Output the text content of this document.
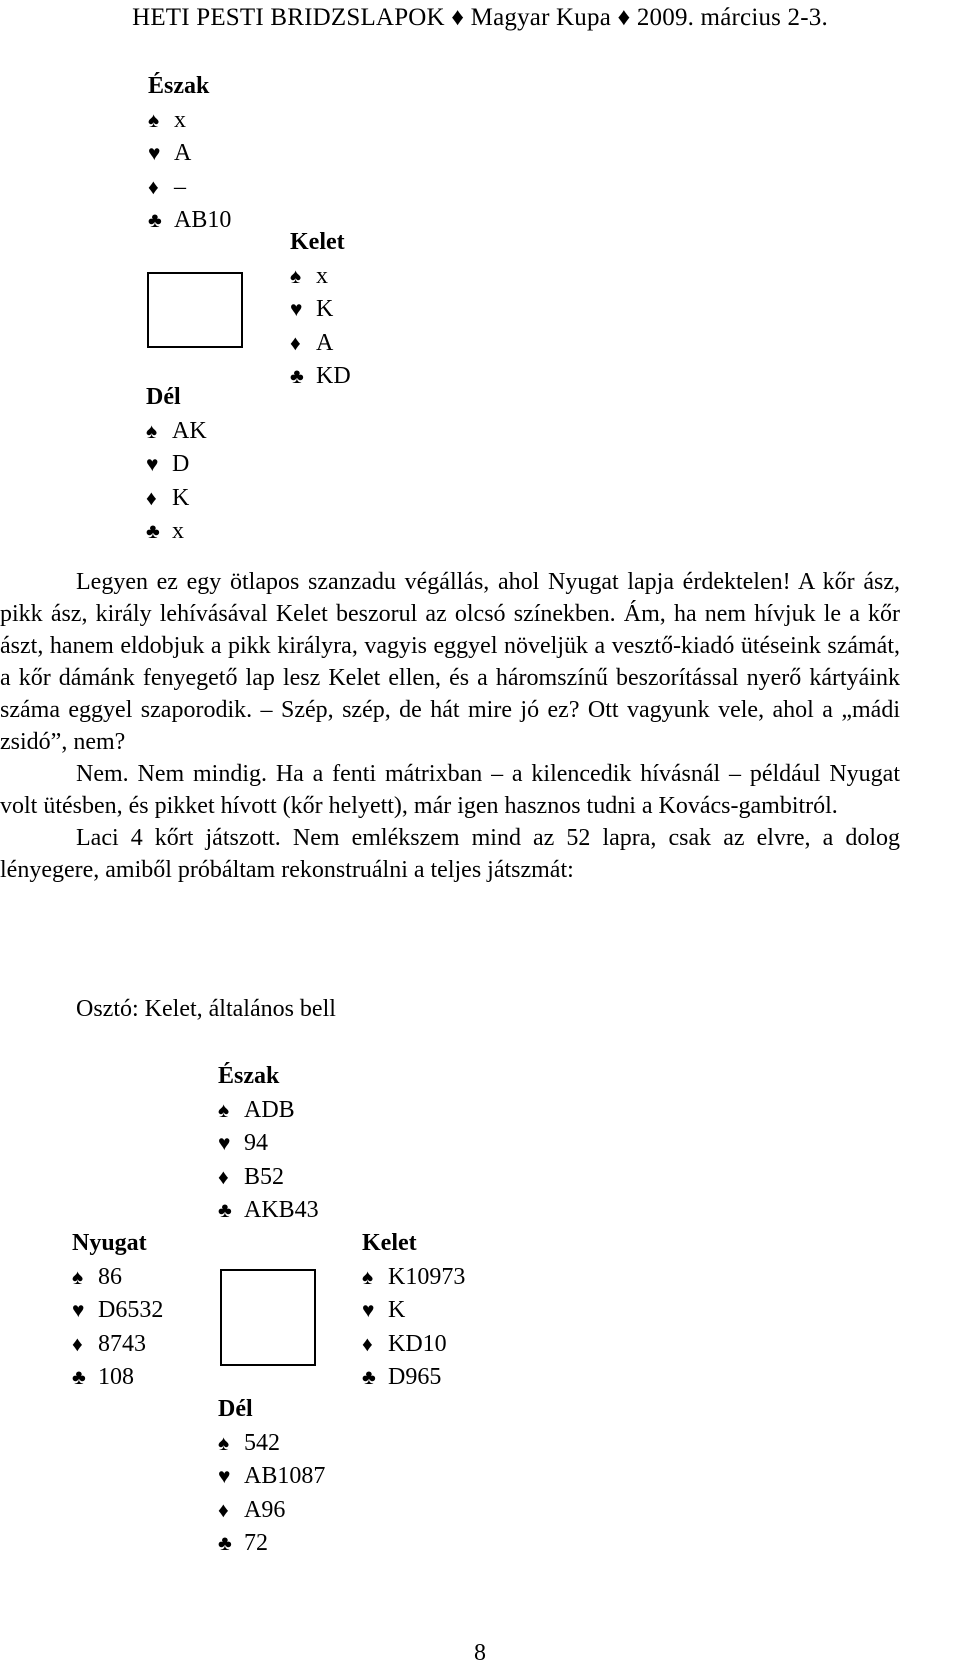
HETI PESTI BRIDZSLAPOK ♦ Magyar Kupa ♦ 2009. március 2-3.
Észak
♠ x
♥ A
♦ –
♣ AB10
Kelet
♠ x
♥ K
♦ A
♣ KD
Dél
♠ AK
♥ D
♦ K
♣ x

Legyen ez egy ötlapos szanzadu végállás, ahol Nyugat lapja érdektelen! A kőr ász, pikk ász, király lehívásával Kelet beszorul az olcsó színekben. Ám, ha nem hívjuk le a kőr ászt, hanem eldobjuk a pikk királyra, vagyis eggyel növeljük a vesztő-kiadó ütéseink számát, a kőr dámánk fenyegető lap lesz Kelet ellen, és a háromszínű beszorítással nyerő kártyáink száma eggyel szaporodik. – Szép, szép, de hát mire jó ez? Ott vagyunk vele, ahol a „mádi zsidó”, nem?

Nem. Nem mindig. Ha a fenti mátrixban – a kilencedik hívásnál – például Nyugat volt ütésben, és pikket hívott (kőr helyett), már igen hasznos tudni a Kovács-gambitról.

Laci 4 kőrt játszott. Nem emlékszem mind az 52 lapra, csak az elvre, a dolog lényegere, amiből próbáltam rekonstruálni a teljes játszmát:

Osztó: Kelet, általános bell
Észak
♠ ADB
♥ 94
♦ B52
♣ AKB43
Nyugat
♠ 86
♥ D6532
♦ 8743
♣ 108
Kelet
♠ K10973
♥ K
♦ KD10
♣ D965
Dél
♠ 542
♥ AB1087
♦ A96
♣ 72
8
